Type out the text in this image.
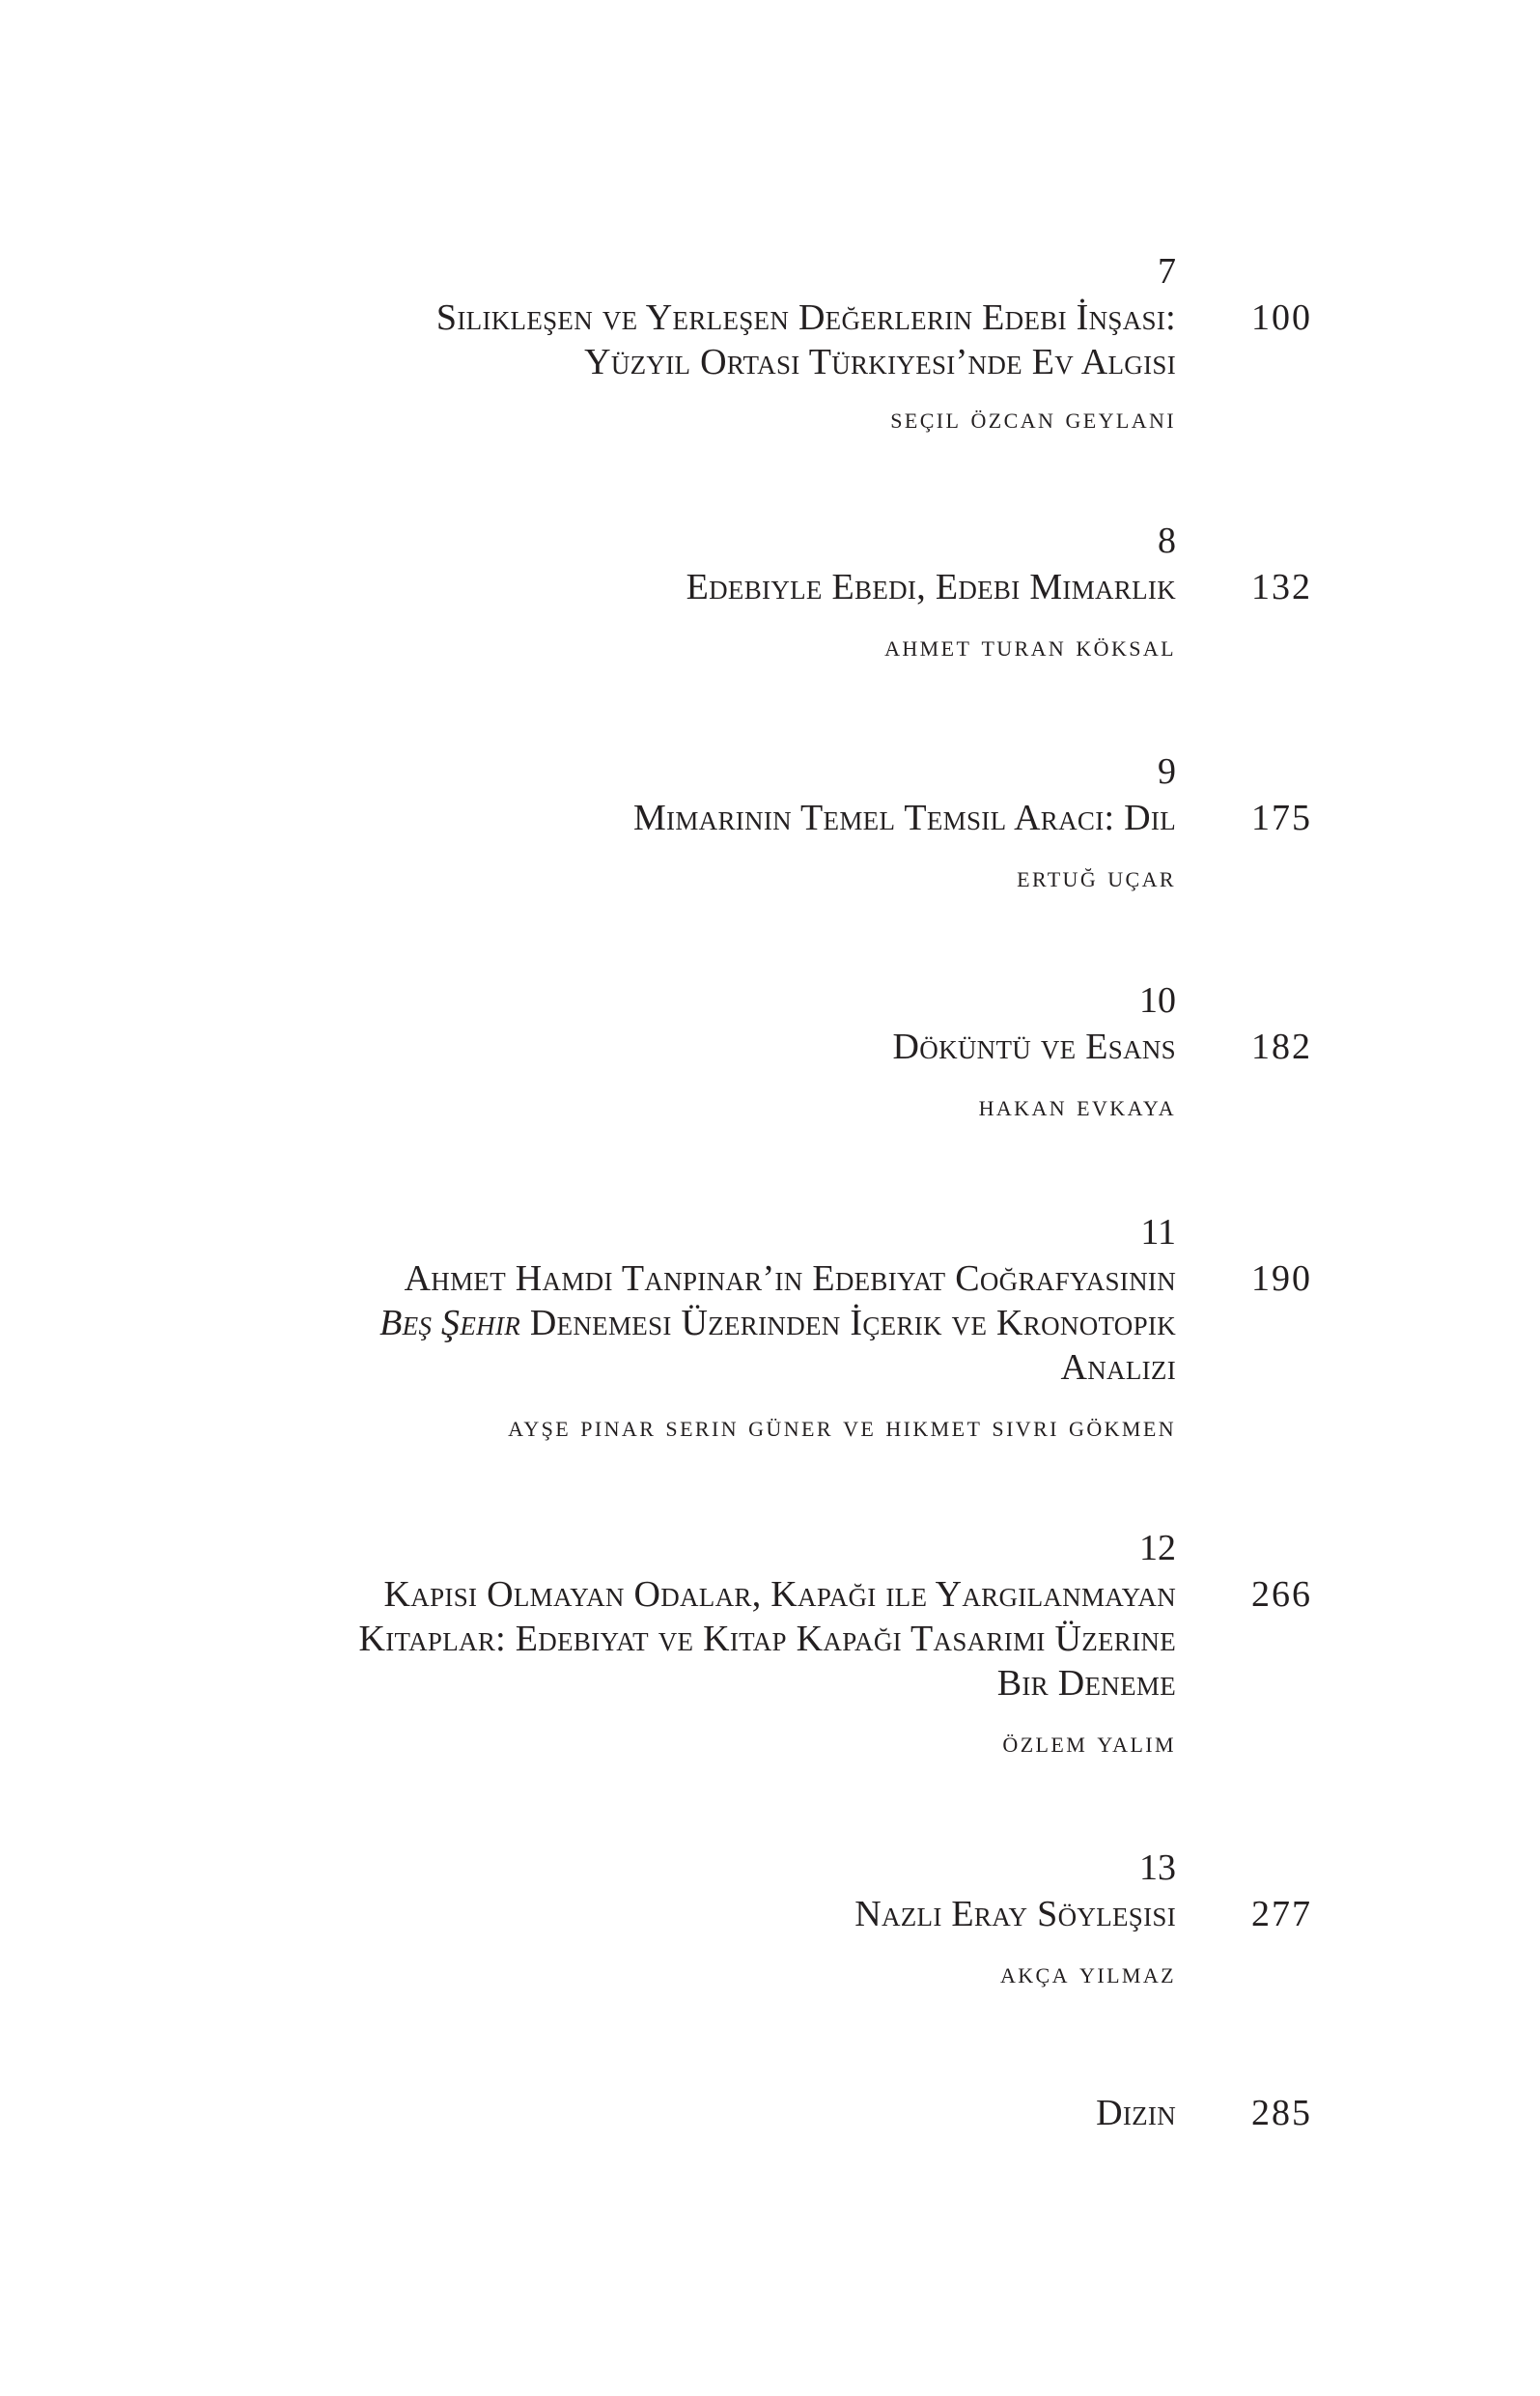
7
Silikleşen ve Yerleşen Değerlerin Edebi İnşası:
Yüzyıl Ortası Türkiyesi’nde Ev Algısı
seçil özcan geylani
100
8
Edebiyle Ebedi, Edebi Mimarlık
ahmet turan köksal
132
9
Mimarinin Temel Temsil Aracı: Dil
ertuğ uçar
175
10
Döküntü ve Esans
hakan evkaya
182
11
Ahmet Hamdi Tanpınar’ın Edebiyat Coğrafyasının
Beş Şehir Denemesi Üzerinden İçerik ve Kronotopik
Analizi
ayşe pınar serin güner ve hikmet sivri gökmen
190
12
Kapısı Olmayan Odalar, Kapağı ile Yargılanmayan
Kitaplar: Edebiyat ve Kitap Kapağı Tasarımı Üzerine
Bir Deneme
özlem yalım
266
13
Nazlı Eray Söyleşisi
akça yılmaz
277
Dizin 285
